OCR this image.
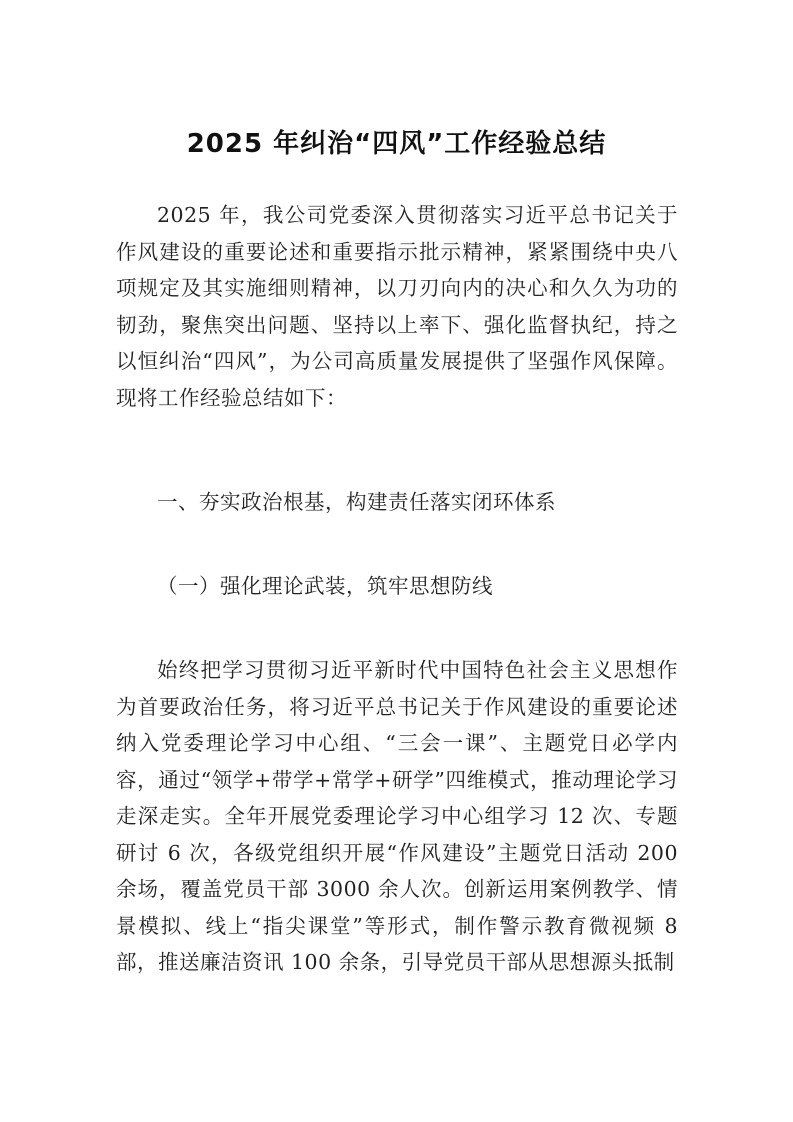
2025 年纠治“四风”工作经验总结

2025 年，我公司党委深入贯彻落实习近平总书记关于作风建设的重要论述和重要指示批示精神，紧紧围绕中央八项规定及其实施细则精神，以刀刃向内的决心和久久为功的韧劲，聚焦突出问题、坚持以上率下、强化监督执纪，持之以恒纠治“四风”，为公司高质量发展提供了坚强作风保障。现将工作经验总结如下：

一、夯实政治根基，构建责任落实闭环体系

（一）强化理论武装，筑牢思想防线

始终把学习贯彻习近平新时代中国特色社会主义思想作为首要政治任务，将习近平总书记关于作风建设的重要论述纳入党委理论学习中心组、“三会一课”、主题党日必学内容，通过“领学+带学+常学+研学”四维模式，推动理论学习走深走实。全年开展党委理论学习中心组学习 12 次、专题研讨 6 次，各级党组织开展“作风建设”主题党日活动 200 余场，覆盖党员干部 3000 余人次。创新运用案例教学、情景模拟、线上“指尖课堂”等形式，制作警示教育微视频 8 部，推送廉洁资讯 100 余条，引导党员干部从思想源头抵制
